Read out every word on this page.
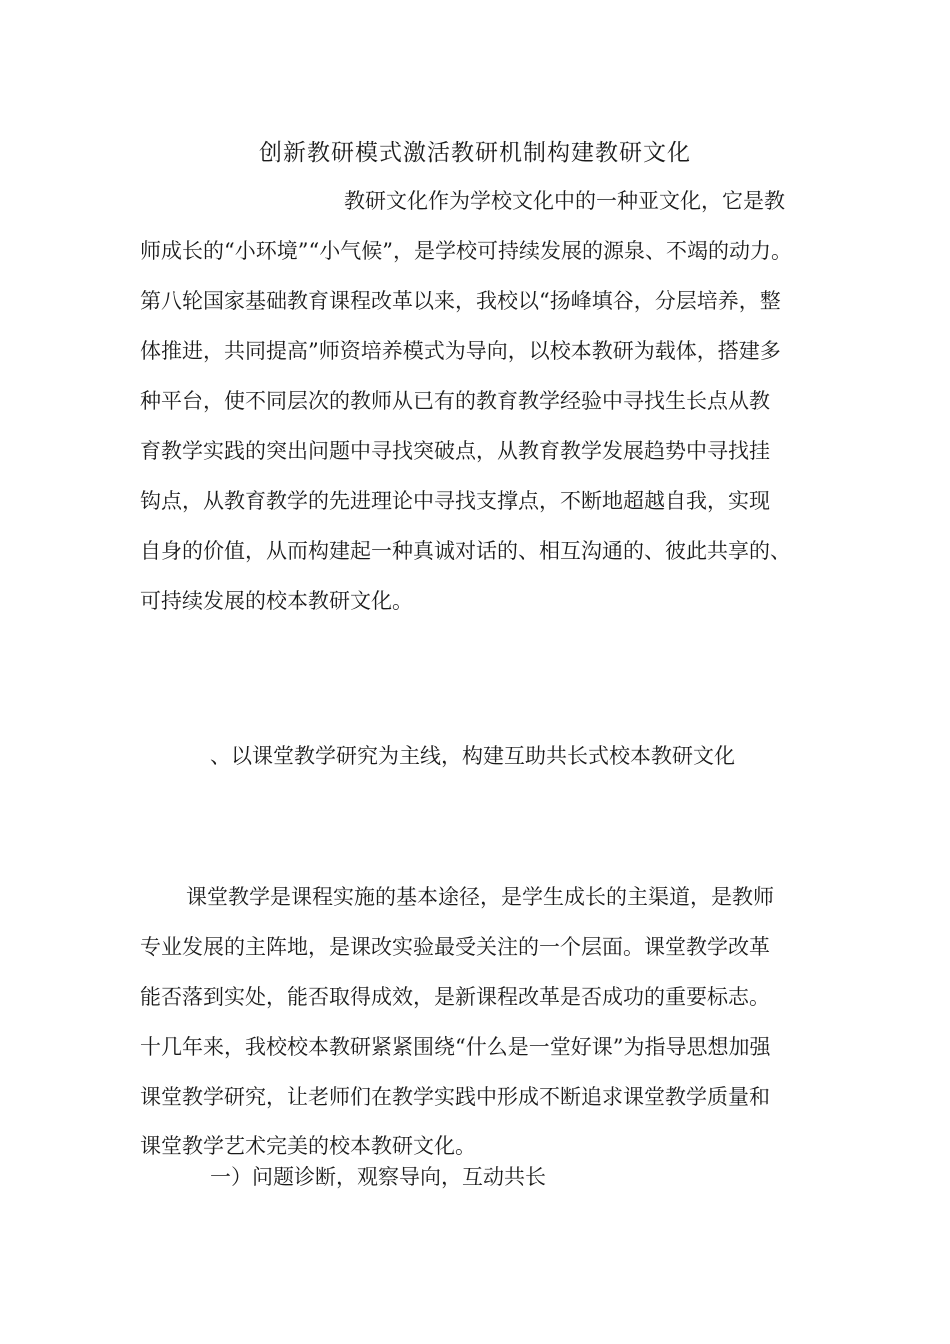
创新教研模式激活教研机制构建教研文化
教研文化作为学校文化中的一种亚文化，它是教
师成长的“小环境”“小气候”，是学校可持续发展的源泉、不竭的动力。
第八轮国家基础教育课程改革以来，我校以“扬峰填谷，分层培养，整
体推进，共同提高”师资培养模式为导向，以校本教研为载体，搭建多
种平台，使不同层次的教师从已有的教育教学经验中寻找生长点从教
育教学实践的突出问题中寻找突破点，从教育教学发展趋势中寻找挂
钩点，从教育教学的先进理论中寻找支撑点，不断地超越自我，实现
自身的价值，从而构建起一种真诚对话的、相互沟通的、彼此共享的、
可持续发展的校本教研文化。
、以课堂教学研究为主线，构建互助共长式校本教研文化
课堂教学是课程实施的基本途径，是学生成长的主渠道，是教师
专业发展的主阵地，是课改实验最受关注的一个层面。课堂教学改革
能否落到实处，能否取得成效，是新课程改革是否成功的重要标志。
十几年来，我校校本教研紧紧围绕“什么是一堂好课”为指导思想加强
课堂教学研究，让老师们在教学实践中形成不断追求课堂教学质量和
课堂教学艺术完美的校本教研文化。
一）问题诊断，观察导向，互动共长
